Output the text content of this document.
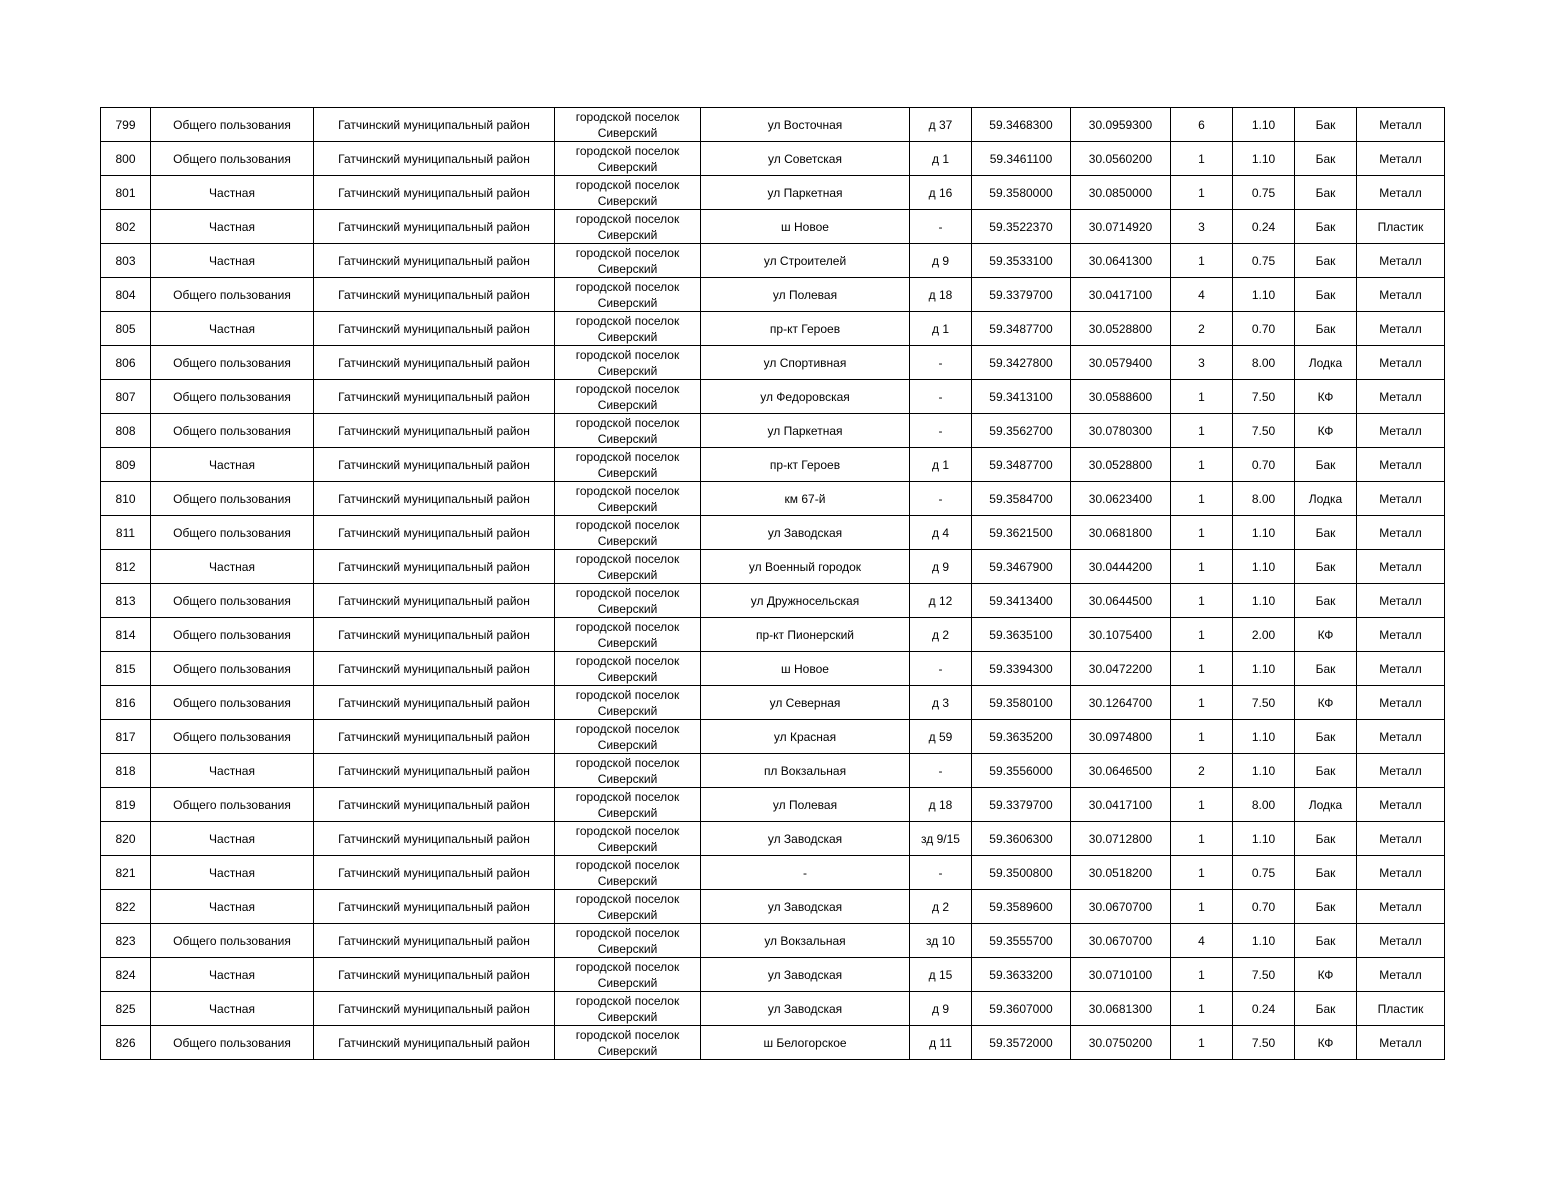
799	Общего пользования	Гатчинский муниципальный район	городской поселок Сиверский	ул Восточная	д 37	59.3468300	30.0959300	6	1.10	Бак	Металл
800	Общего пользования	Гатчинский муниципальный район	городской поселок Сиверский	ул Советская	д 1	59.3461100	30.0560200	1	1.10	Бак	Металл
801	Частная	Гатчинский муниципальный район	городской поселок Сиверский	ул Паркетная	д 16	59.3580000	30.0850000	1	0.75	Бак	Металл
802	Частная	Гатчинский муниципальный район	городской поселок Сиверский	ш Новое	-	59.3522370	30.0714920	3	0.24	Бак	Пластик
803	Частная	Гатчинский муниципальный район	городской поселок Сиверский	ул Строителей	д 9	59.3533100	30.0641300	1	0.75	Бак	Металл
804	Общего пользования	Гатчинский муниципальный район	городской поселок Сиверский	ул Полевая	д 18	59.3379700	30.0417100	4	1.10	Бак	Металл
805	Частная	Гатчинский муниципальный район	городской поселок Сиверский	пр-кт Героев	д 1	59.3487700	30.0528800	2	0.70	Бак	Металл
806	Общего пользования	Гатчинский муниципальный район	городской поселок Сиверский	ул Спортивная	-	59.3427800	30.0579400	3	8.00	Лодка	Металл
807	Общего пользования	Гатчинский муниципальный район	городской поселок Сиверский	ул Федоровская	-	59.3413100	30.0588600	1	7.50	КФ	Металл
808	Общего пользования	Гатчинский муниципальный район	городской поселок Сиверский	ул Паркетная	-	59.3562700	30.0780300	1	7.50	КФ	Металл
809	Частная	Гатчинский муниципальный район	городской поселок Сиверский	пр-кт Героев	д 1	59.3487700	30.0528800	1	0.70	Бак	Металл
810	Общего пользования	Гатчинский муниципальный район	городской поселок Сиверский	км 67-й	-	59.3584700	30.0623400	1	8.00	Лодка	Металл
811	Общего пользования	Гатчинский муниципальный район	городской поселок Сиверский	ул Заводская	д 4	59.3621500	30.0681800	1	1.10	Бак	Металл
812	Частная	Гатчинский муниципальный район	городской поселок Сиверский	ул Военный городок	д 9	59.3467900	30.0444200	1	1.10	Бак	Металл
813	Общего пользования	Гатчинский муниципальный район	городской поселок Сиверский	ул Дружносельская	д 12	59.3413400	30.0644500	1	1.10	Бак	Металл
814	Общего пользования	Гатчинский муниципальный район	городской поселок Сиверский	пр-кт Пионерский	д 2	59.3635100	30.1075400	1	2.00	КФ	Металл
815	Общего пользования	Гатчинский муниципальный район	городской поселок Сиверский	ш Новое	-	59.3394300	30.0472200	1	1.10	Бак	Металл
816	Общего пользования	Гатчинский муниципальный район	городской поселок Сиверский	ул Северная	д 3	59.3580100	30.1264700	1	7.50	КФ	Металл
817	Общего пользования	Гатчинский муниципальный район	городской поселок Сиверский	ул Красная	д 59	59.3635200	30.0974800	1	1.10	Бак	Металл
818	Частная	Гатчинский муниципальный район	городской поселок Сиверский	пл Вокзальная	-	59.3556000	30.0646500	2	1.10	Бак	Металл
819	Общего пользования	Гатчинский муниципальный район	городской поселок Сиверский	ул Полевая	д 18	59.3379700	30.0417100	1	8.00	Лодка	Металл
820	Частная	Гатчинский муниципальный район	городской поселок Сиверский	ул Заводская	зд 9/15	59.3606300	30.0712800	1	1.10	Бак	Металл
821	Частная	Гатчинский муниципальный район	городской поселок Сиверский	-	-	59.3500800	30.0518200	1	0.75	Бак	Металл
822	Частная	Гатчинский муниципальный район	городской поселок Сиверский	ул Заводская	д 2	59.3589600	30.0670700	1	0.70	Бак	Металл
823	Общего пользования	Гатчинский муниципальный район	городской поселок Сиверский	ул Вокзальная	зд 10	59.3555700	30.0670700	4	1.10	Бак	Металл
824	Частная	Гатчинский муниципальный район	городской поселок Сиверский	ул Заводская	д 15	59.3633200	30.0710100	1	7.50	КФ	Металл
825	Частная	Гатчинский муниципальный район	городской поселок Сиверский	ул Заводская	д 9	59.3607000	30.0681300	1	0.24	Бак	Пластик
826	Общего пользования	Гатчинский муниципальный район	городской поселок Сиверский	ш Белогорское	д 11	59.3572000	30.0750200	1	7.50	КФ	Металл
